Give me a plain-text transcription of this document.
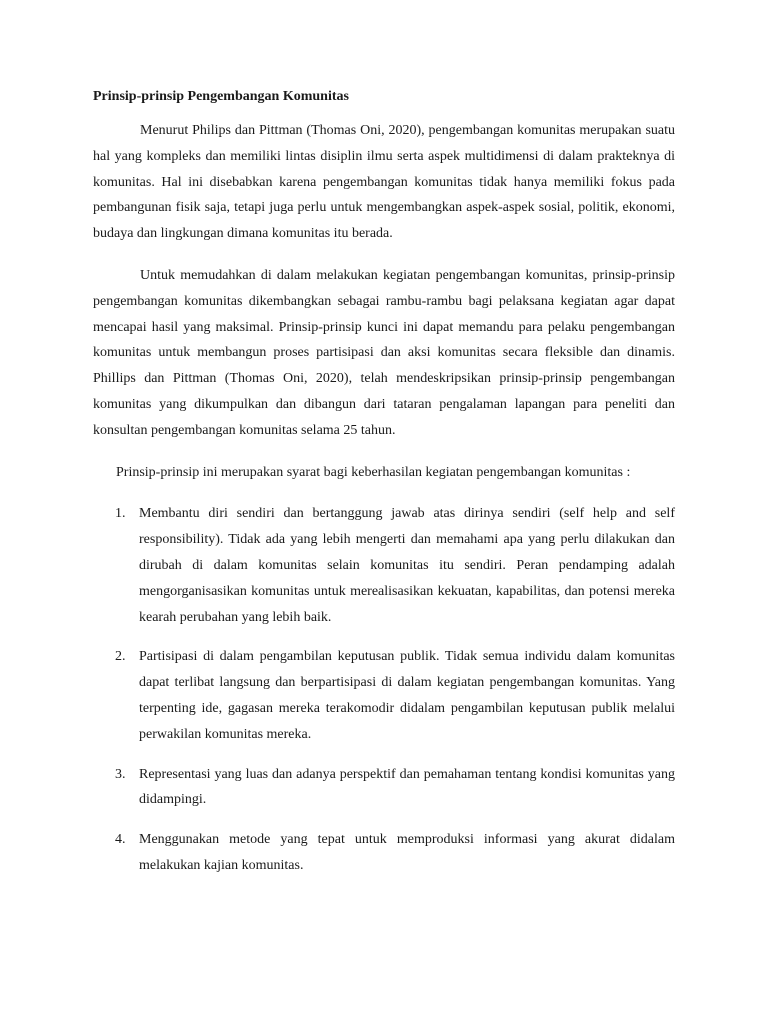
Prinsip-prinsip Pengembangan Komunitas

Menurut Philips dan Pittman (Thomas Oni, 2020), pengembangan komunitas merupakan suatu hal yang kompleks dan memiliki lintas disiplin ilmu serta aspek multidimensi di dalam prakteknya di komunitas. Hal ini disebabkan karena pengembangan komunitas tidak hanya memiliki fokus pada pembangunan fisik saja, tetapi juga perlu untuk mengembangkan aspek-aspek sosial, politik, ekonomi, budaya dan lingkungan dimana komunitas itu berada.

Untuk memudahkan di dalam melakukan kegiatan pengembangan komunitas, prinsip-prinsip pengembangan komunitas dikembangkan sebagai rambu-rambu bagi pelaksana kegiatan agar dapat mencapai hasil yang maksimal. Prinsip-prinsip kunci ini dapat memandu para pelaku pengembangan komunitas untuk membangun proses partisipasi dan aksi komunitas secara fleksible dan dinamis. Phillips dan Pittman (Thomas Oni, 2020), telah mendeskripsikan prinsip-prinsip pengembangan komunitas yang dikumpulkan dan dibangun dari tataran pengalaman lapangan para peneliti dan konsultan pengembangan komunitas selama 25 tahun.

Prinsip-prinsip ini merupakan syarat bagi keberhasilan kegiatan pengembangan komunitas :

1. Membantu diri sendiri dan bertanggung jawab atas dirinya sendiri (self help and self responsibility). Tidak ada yang lebih mengerti dan memahami apa yang perlu dilakukan dan dirubah di dalam komunitas selain komunitas itu sendiri. Peran pendamping adalah mengorganisasikan komunitas untuk merealisasikan kekuatan, kapabilitas, dan potensi mereka kearah perubahan yang lebih baik.
2. Partisipasi di dalam pengambilan keputusan publik. Tidak semua individu dalam komunitas dapat terlibat langsung dan berpartisipasi di dalam kegiatan pengembangan komunitas. Yang terpenting ide, gagasan mereka terakomodir didalam pengambilan keputusan publik melalui perwakilan komunitas mereka.
3. Representasi yang luas dan adanya perspektif dan pemahaman tentang kondisi komunitas yang didampingi.
4. Menggunakan metode yang tepat untuk memproduksi informasi yang akurat didalam melakukan kajian komunitas.
